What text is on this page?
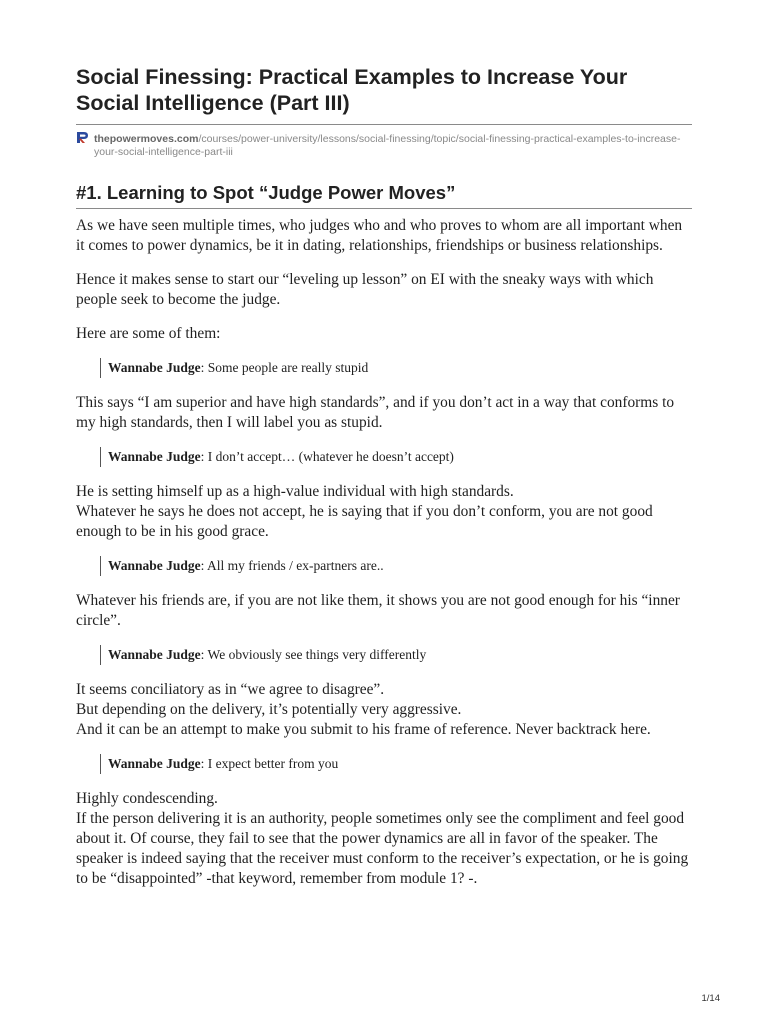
Social Finessing: Practical Examples to Increase Your Social Intelligence (Part III)
thepowermoves.com/courses/power-university/lessons/social-finessing/topic/social-finessing-practical-examples-to-increase-your-social-intelligence-part-iii
#1. Learning to Spot “Judge Power Moves”

As we have seen multiple times, who judges who and who proves to whom are all important when it comes to power dynamics, be it in dating, relationships, friendships or business relationships.

Hence it makes sense to start our “leveling up lesson” on EI with the sneaky ways with which people seek to become the judge.

Here are some of them:

Wannabe Judge: Some people are really stupid

This says “I am superior and have high standards”, and if you don’t act in a way that conforms to my high standards, then I will label you as stupid.

Wannabe Judge: I don’t accept… (whatever he doesn’t accept)

He is setting himself up as a high-value individual with high standards.
Whatever he says he does not accept, he is saying that if you don’t conform, you are not good enough to be in his good grace.

Wannabe Judge: All my friends / ex-partners are..

Whatever his friends are, if you are not like them, it shows you are not good enough for his “inner circle”.

Wannabe Judge: We obviously see things very differently

It seems conciliatory as in “we agree to disagree”.
But depending on the delivery, it’s potentially very aggressive.
And it can be an attempt to make you submit to his frame of reference. Never backtrack here.

Wannabe Judge: I expect better from you

Highly condescending.
If the person delivering it is an authority, people sometimes only see the compliment and feel good about it. Of course, they fail to see that the power dynamics are all in favor of the speaker. The speaker is indeed saying that the receiver must conform to the receiver’s expectation, or he is going to be “disappointed” -that keyword, remember from module 1? -.

1/14
